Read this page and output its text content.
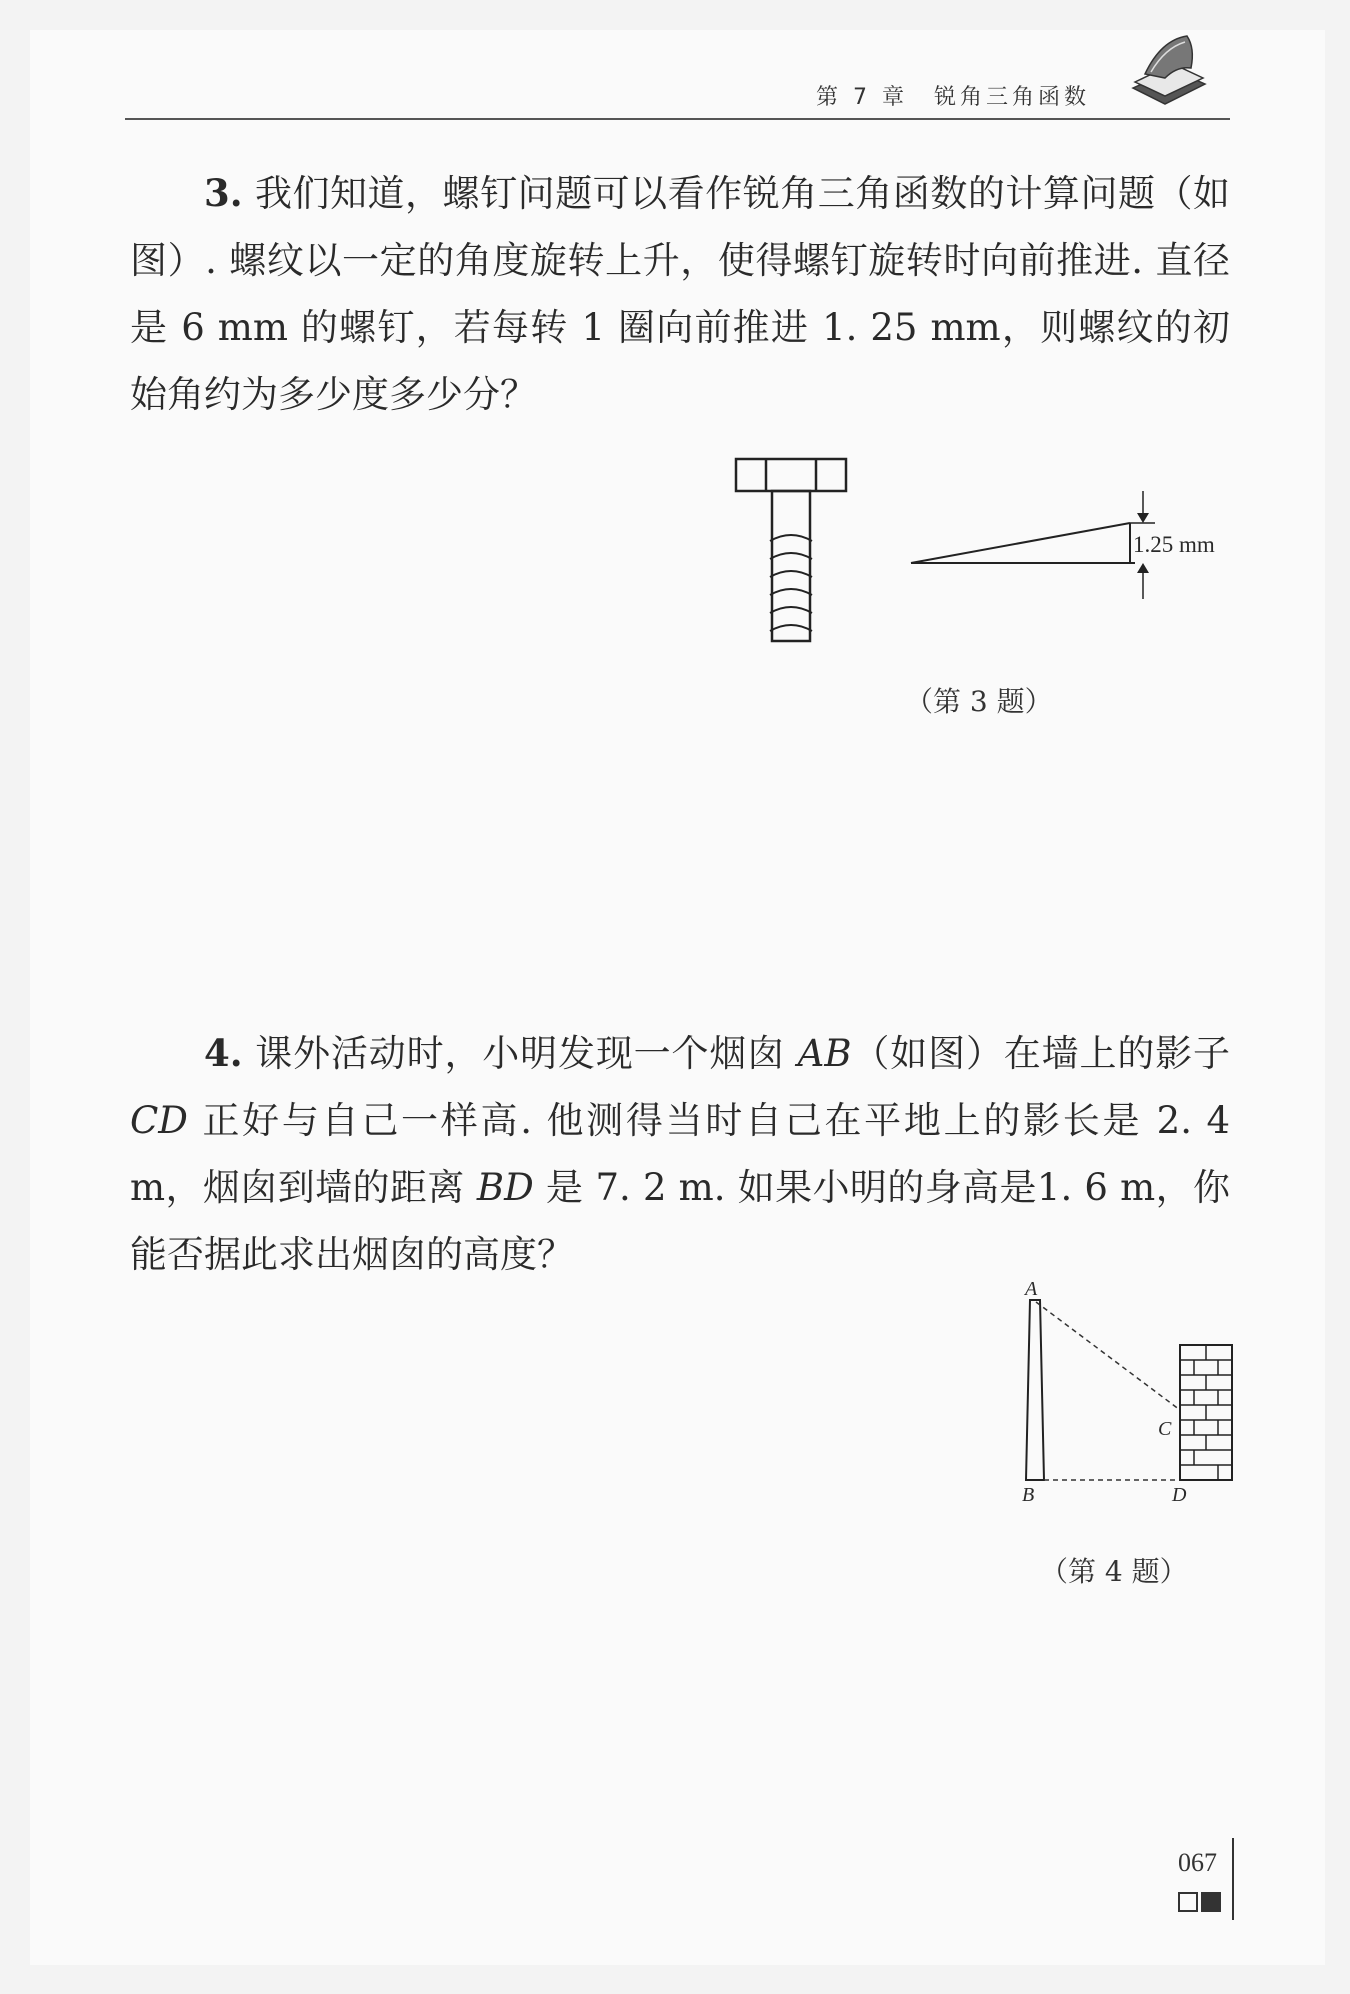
第 7 章　锐角三角函数

3. 我们知道，螺钉问题可以看作锐角三角函数的计算问题（如图）. 螺纹以一定的角度旋转上升，使得螺钉旋转时向前推进. 直径是 6 mm 的螺钉，若每转 1 圈向前推进 1. 25 mm，则螺纹的初始角约为多少度多少分？

1.25 mm
（第 3 题）

4. 课外活动时，小明发现一个烟囱 AB（如图）在墙上的影子 CD 正好与自己一样高. 他测得当时自己在平地上的影长是 2. 4 m，烟囱到墙的距离 BD 是 7. 2 m. 如果小明的身高是1. 6 m，你能否据此求出烟囱的高度？

A
B
C
D
（第 4 题）
067
